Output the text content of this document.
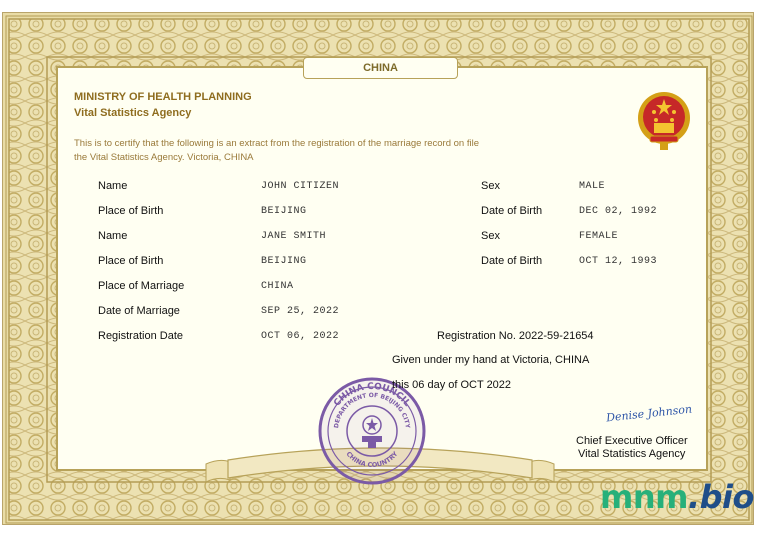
CHINA
MINISTRY OF HEALTH PLANNING
Vital Statistics Agency
This is to certify that the following is an extract from the registration of the marriage record on file
the Vital Statistics Agency. Victoria, CHINA
Name	JOHN CITIZEN	Sex	MALE
Place of Birth	BEIJING	Date of Birth	DEC 02, 1992
Name	JANE SMITH	Sex	FEMALE
Place of Birth	BEIJING	Date of Birth	OCT 12, 1993
Place of Marriage	CHINA
Date of Marriage	SEP 25, 2022
Registration Date	OCT 06, 2022	Registration No. 2022-59-21654
Given under my hand at Victoria, CHINA
CHINA COUNCIL
DEPARTMENT OF BEIJING CITY
CHINA COUNTRY
this 06 day of OCT 2022
Denise Johnson
Chief Executive Officer
Vital Statistics Agency
mnm.bio
